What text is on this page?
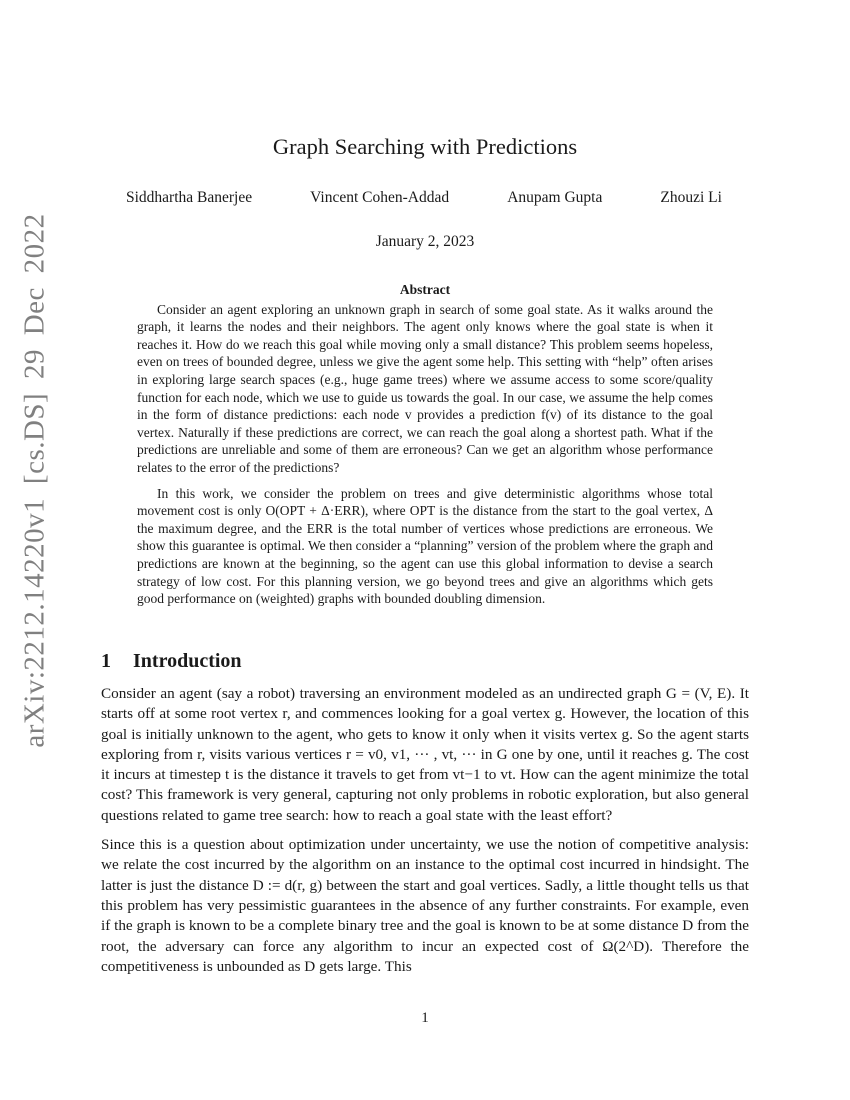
arXiv:2212.14220v1 [cs.DS] 29 Dec 2022
Graph Searching with Predictions
Siddhartha Banerjee	Vincent Cohen-Addad	Anupam Gupta	Zhouzi Li
January 2, 2023
Abstract

Consider an agent exploring an unknown graph in search of some goal state. As it walks around the graph, it learns the nodes and their neighbors. The agent only knows where the goal state is when it reaches it. How do we reach this goal while moving only a small distance? This problem seems hopeless, even on trees of bounded degree, unless we give the agent some help. This setting with “help” often arises in exploring large search spaces (e.g., huge game trees) where we assume access to some score/quality function for each node, which we use to guide us towards the goal. In our case, we assume the help comes in the form of distance predictions: each node v provides a prediction f(v) of its distance to the goal vertex. Naturally if these predictions are correct, we can reach the goal along a shortest path. What if the predictions are unreliable and some of them are erroneous? Can we get an algorithm whose performance relates to the error of the predictions?

In this work, we consider the problem on trees and give deterministic algorithms whose total movement cost is only O(OPT + Δ·ERR), where OPT is the distance from the start to the goal vertex, Δ the maximum degree, and the ERR is the total number of vertices whose predictions are erroneous. We show this guarantee is optimal. We then consider a “planning” version of the problem where the graph and predictions are known at the beginning, so the agent can use this global information to devise a search strategy of low cost. For this planning version, we go beyond trees and give an algorithms which gets good performance on (weighted) graphs with bounded doubling dimension.

1 Introduction

Consider an agent (say a robot) traversing an environment modeled as an undirected graph G = (V, E). It starts off at some root vertex r, and commences looking for a goal vertex g. However, the location of this goal is initially unknown to the agent, who gets to know it only when it visits vertex g. So the agent starts exploring from r, visits various vertices r = v0, v1, ··· , vt, ··· in G one by one, until it reaches g. The cost it incurs at timestep t is the distance it travels to get from vt−1 to vt. How can the agent minimize the total cost? This framework is very general, capturing not only problems in robotic exploration, but also general questions related to game tree search: how to reach a goal state with the least effort?

Since this is a question about optimization under uncertainty, we use the notion of competitive analysis: we relate the cost incurred by the algorithm on an instance to the optimal cost incurred in hindsight. The latter is just the distance D := d(r, g) between the start and goal vertices. Sadly, a little thought tells us that this problem has very pessimistic guarantees in the absence of any further constraints. For example, even if the graph is known to be a complete binary tree and the goal is known to be at some distance D from the root, the adversary can force any algorithm to incur an expected cost of Ω(2^D). Therefore the competitiveness is unbounded as D gets large. This

1
